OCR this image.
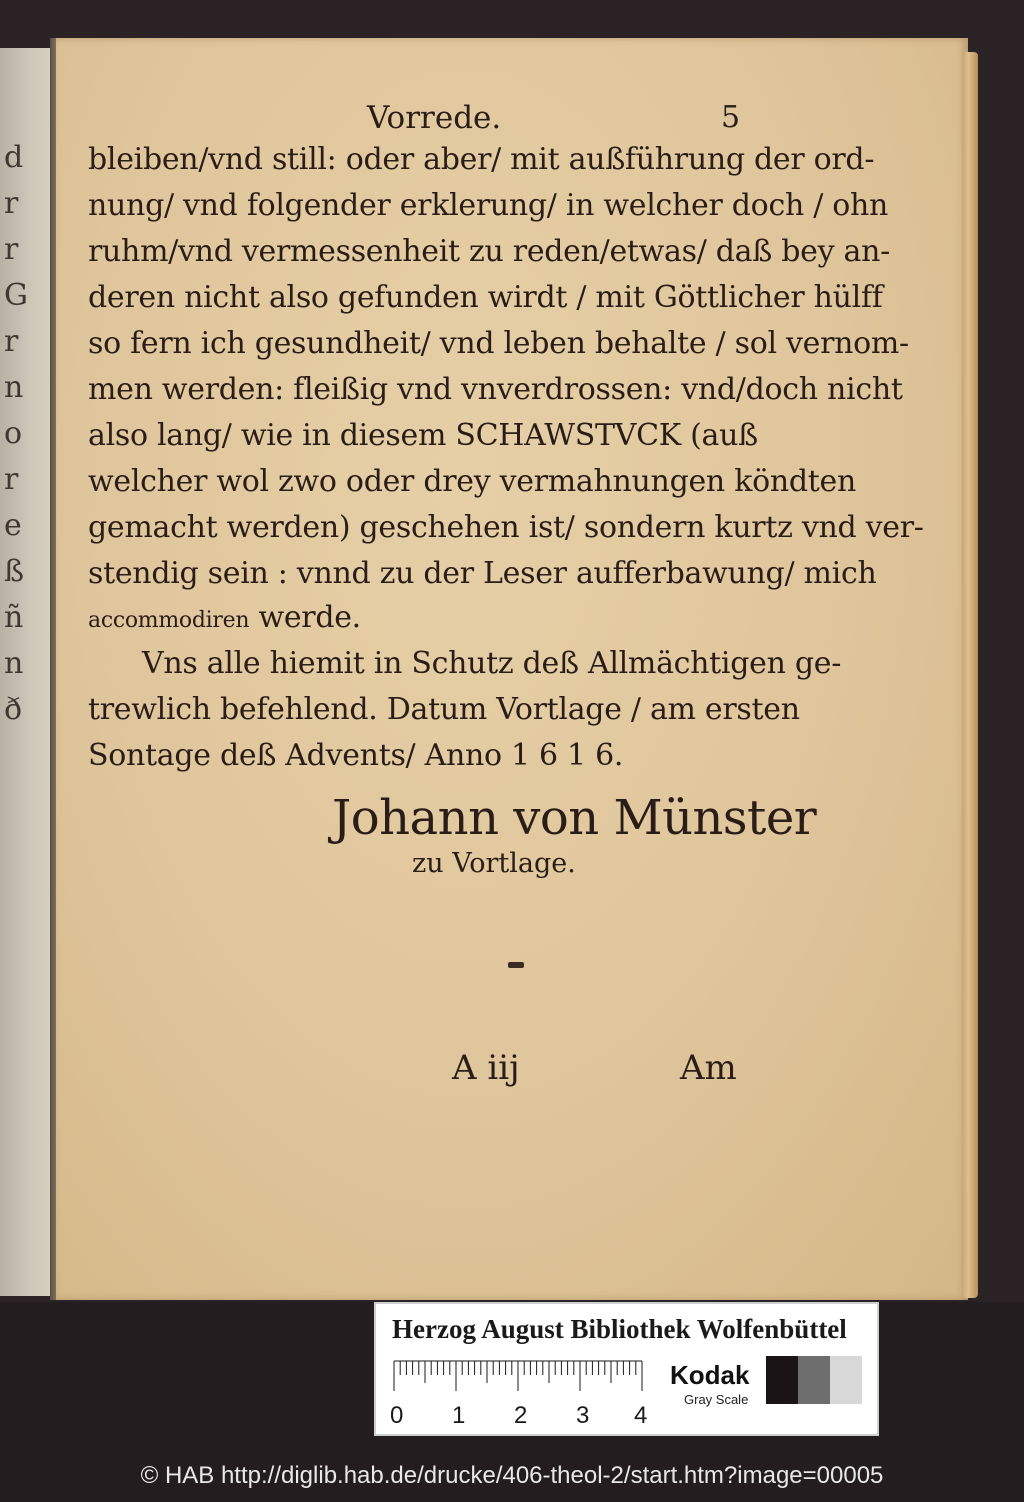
d
r
r
G
r
n
o
r
e
ß
ñ
n
ð
Vorrede.	5
bleiben/vnd still: oder aber/ mit außführung der ord-
nung/ vnd folgender erklerung/ in welcher doch / ohn
ruhm/vnd vermessenheit zu reden/etwas/ daß bey an-
deren nicht also gefunden wirdt / mit Göttlicher hülff
so fern ich gesundheit/ vnd leben behalte / sol vernom-
men werden: fleißig vnd vnverdrossen: vnd/doch nicht
also lang/ wie in diesem SCHAWSTVCK (auß
welcher wol zwo oder drey vermahnungen köndten
gemacht werden) geschehen ist/ sondern kurtz vnd ver-
stendig sein : vnnd zu der Leser aufferbawung/ mich
accommodiren werde.
Vns alle hiemit in Schutz deß Allmächtigen ge-
trewlich befehlend. Datum Vortlage / am ersten
Sontage deß Advents/ Anno 1 6 1 6.
Johann von Münster
zu Vortlage.
A iij	Am
Herzog August Bibliothek Wolfenbüttel
0 1 2 3 4
Kodak
Gray Scale
© HAB http://diglib.hab.de/drucke/406-theol-2/start.htm?image=00005
